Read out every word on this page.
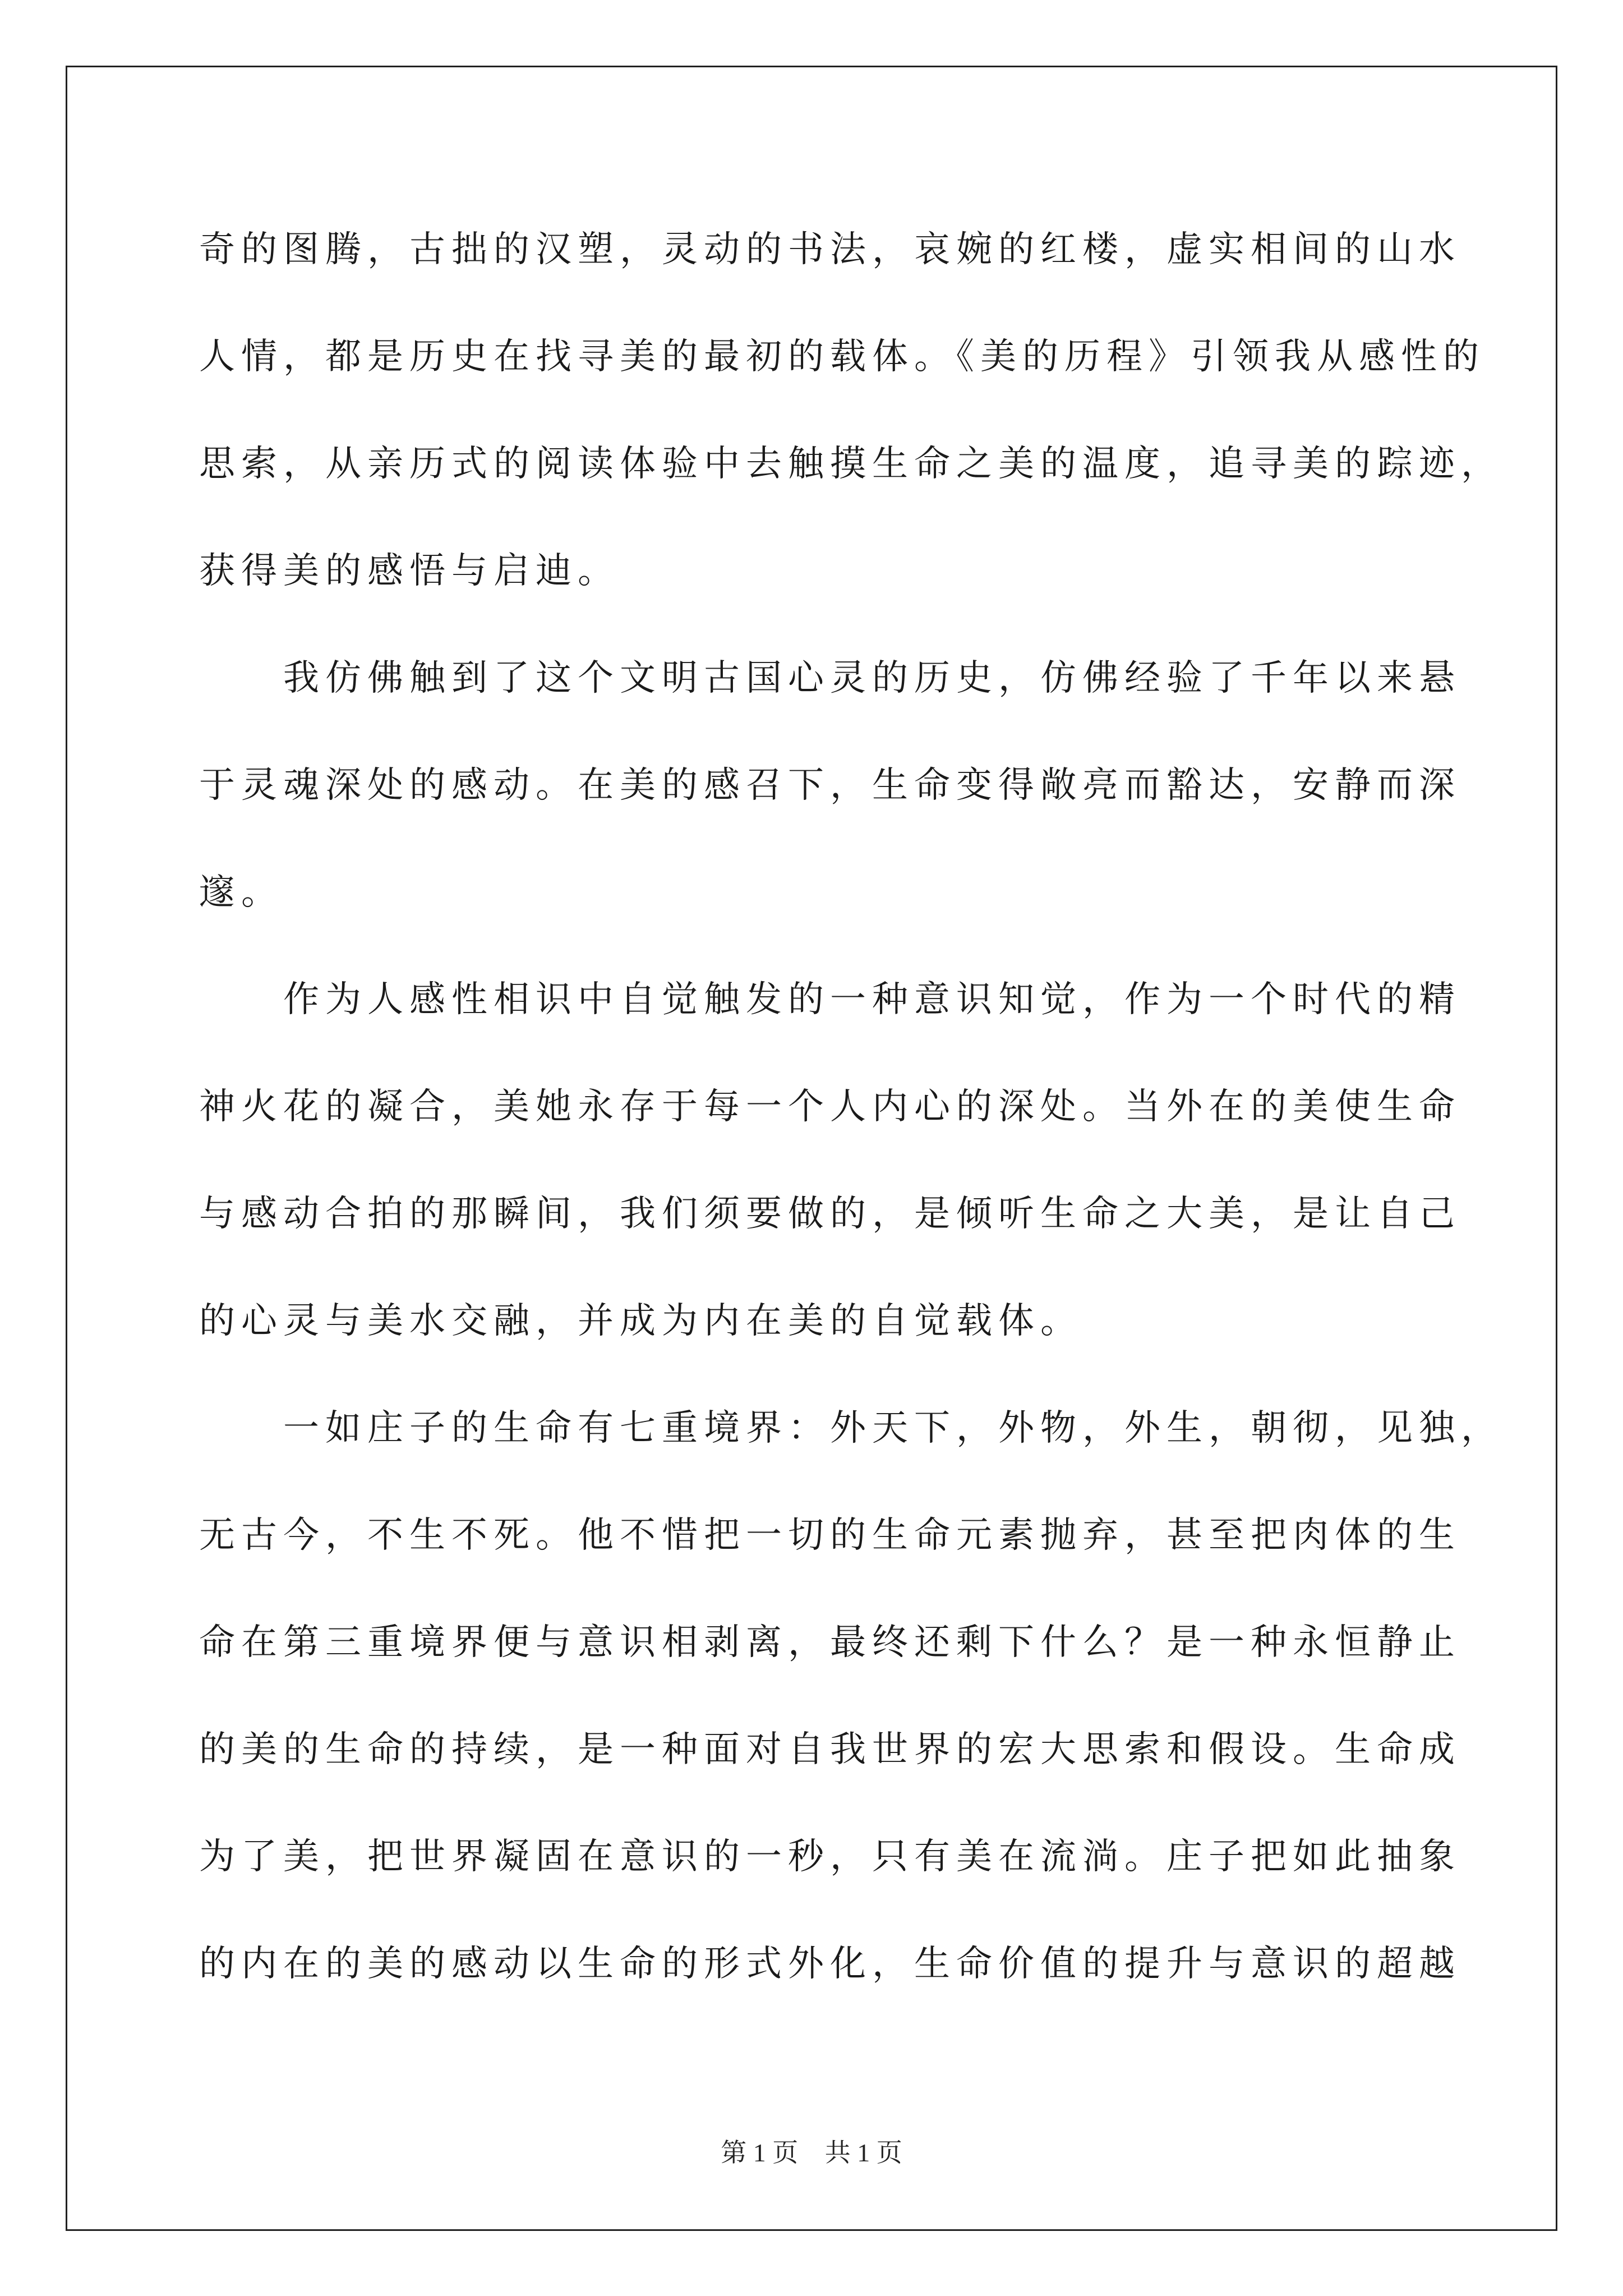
奇的图腾，古拙的汉塑，灵动的书法，哀婉的红楼，虚实相间的山水
人情，都是历史在找寻美的最初的载体。《美的历程》引领我从感性的
思索，从亲历式的阅读体验中去触摸生命之美的温度，追寻美的踪迹，
获得美的感悟与启迪。
　　我仿佛触到了这个文明古国心灵的历史，仿佛经验了千年以来悬
于灵魂深处的感动。在美的感召下，生命变得敞亮而豁达，安静而深
邃。
　　作为人感性相识中自觉触发的一种意识知觉，作为一个时代的精
神火花的凝合，美她永存于每一个人内心的深处。当外在的美使生命
与感动合拍的那瞬间，我们须要做的，是倾听生命之大美，是让自己
的心灵与美水交融，并成为内在美的自觉载体。
　　一如庄子的生命有七重境界：外天下，外物，外生，朝彻，见独，
无古今，不生不死。他不惜把一切的生命元素抛弃，甚至把肉体的生
命在第三重境界便与意识相剥离，最终还剩下什么？是一种永恒静止
的美的生命的持续，是一种面对自我世界的宏大思索和假设。生命成
为了美，把世界凝固在意识的一秒，只有美在流淌。庄子把如此抽象
的内在的美的感动以生命的形式外化，生命价值的提升与意识的超越
第 1 页 共 1 页
